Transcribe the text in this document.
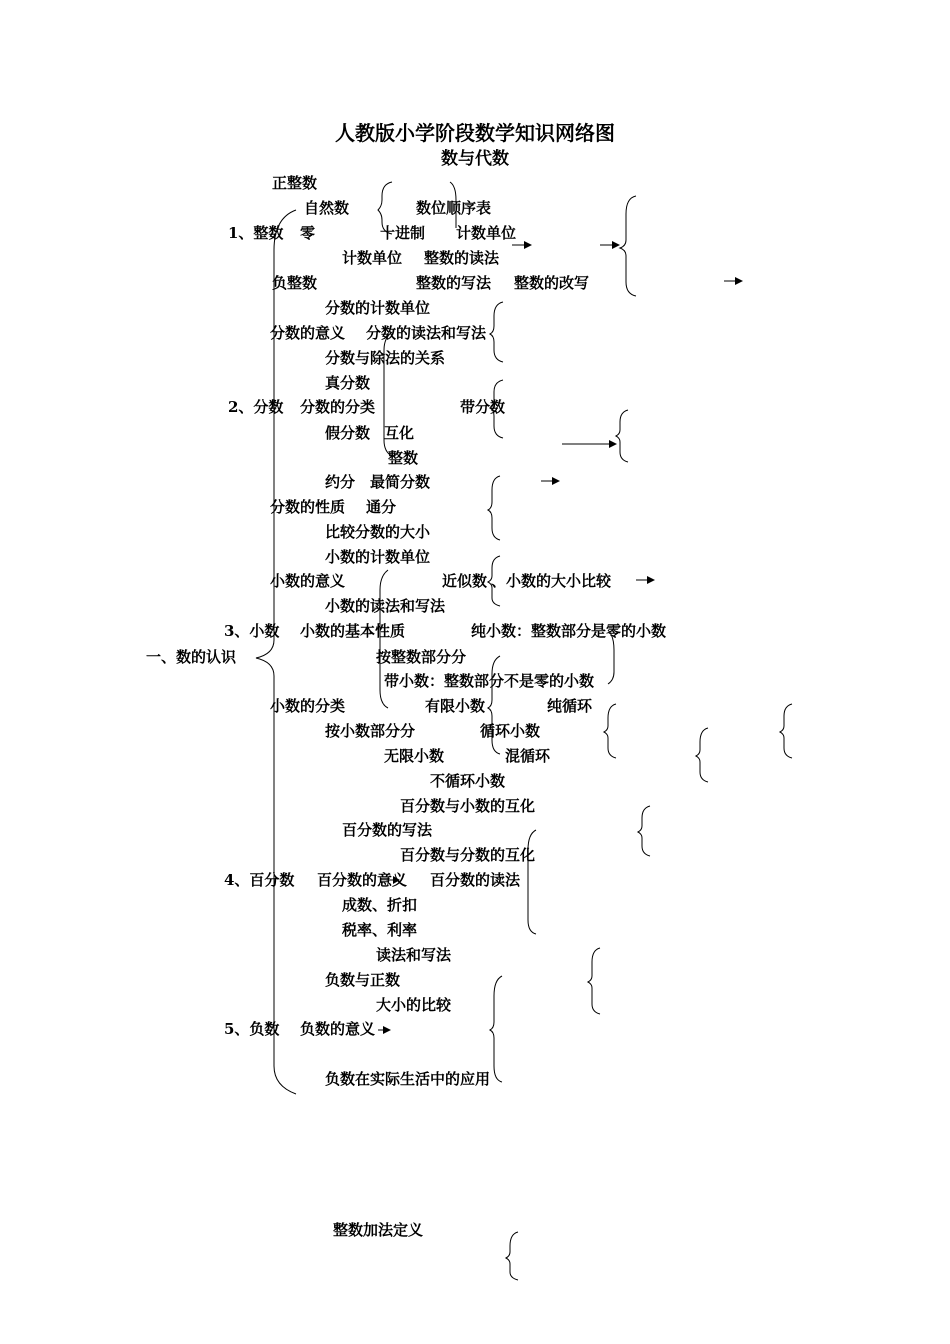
人教版小学阶段数学知识网络图
数与代数
一、数的认识
正整数
自然数	数位顺序表
1、整数 零	十进制 计数单位
计数单位 整数的读法
负整数	整数的写法 整数的改写
分数的计数单位
分数的意义 分数的读法和写法
分数与除法的关系
真分数
2、分数 分数的分类	带分数
假分数 互化
整数
约分 最简分数
分数的性质 通分
比较分数的大小
小数的计数单位
小数的意义	近似数 、小数的大小比较
小数的读法和写法
3、小数 小数的基本性质	纯小数：整数部分是零的小数
按整数部分分
带小数：整数部分不是零的小数
小数的分类	有限小数	纯循环
按小数部分分	循环小数
无限小数	混循环
不循环小数
百分数与小数的互化
百分数的写法
百分数与分数的互化
4、百分数 百分数的意义 百分数的读法
成数、折扣
税率、利率
读法和写法
负数与正数
大小的比较
5、负数 负数的意义
负数在实际生活中的应用
整数加法定义
